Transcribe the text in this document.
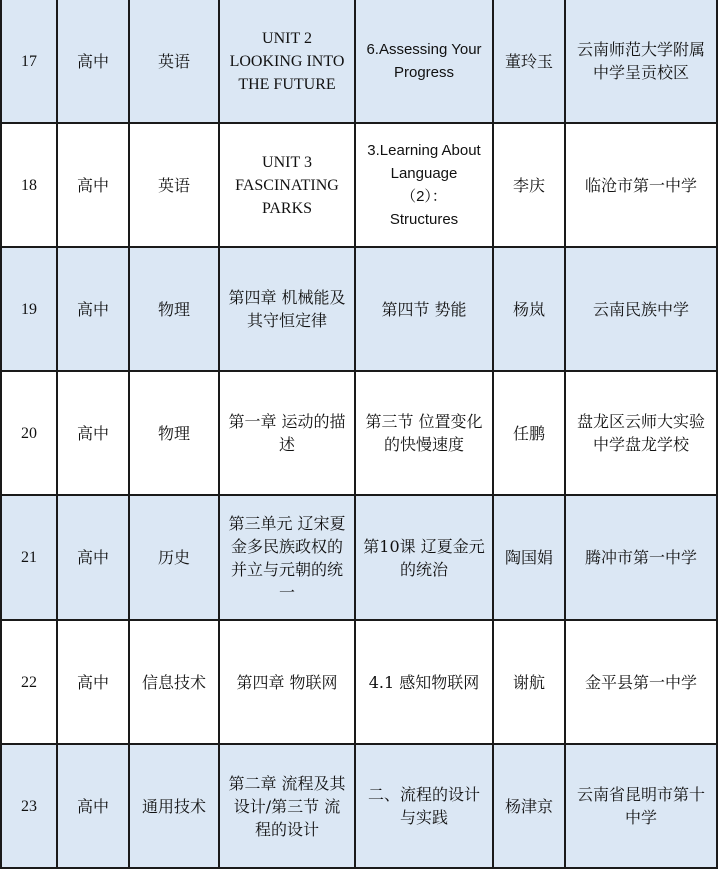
17	高中	英语	UNIT 2
LOOKING INTO
THE FUTURE	6.Assessing Your
Progress	董玲玉	云南师范大学附属
中学呈贡校区

18	高中	英语	UNIT 3
FASCINATING
PARKS	3.Learning About
Language
（2）：
Structures	李庆	临沧市第一中学

19	高中	物理	第四章 机械能及
其守恒定律	第四节 势能	杨岚	云南民族中学

20	高中	物理	第一章 运动的描
述	第三节 位置变化
的快慢速度	任鹏	盘龙区云师大实验
中学盘龙学校

21	高中	历史	第三单元 辽宋夏
金多民族政权的
并立与元朝的统
一	第10课 辽夏金元
的统治	陶国娟	腾冲市第一中学

22	高中	信息技术	第四章 物联网	4.1 感知物联网	谢航	金平县第一中学

23	高中	通用技术	第二章 流程及其
设计/第三节 流
程的设计	二、流程的设计
与实践	杨津京	云南省昆明市第十
中学
